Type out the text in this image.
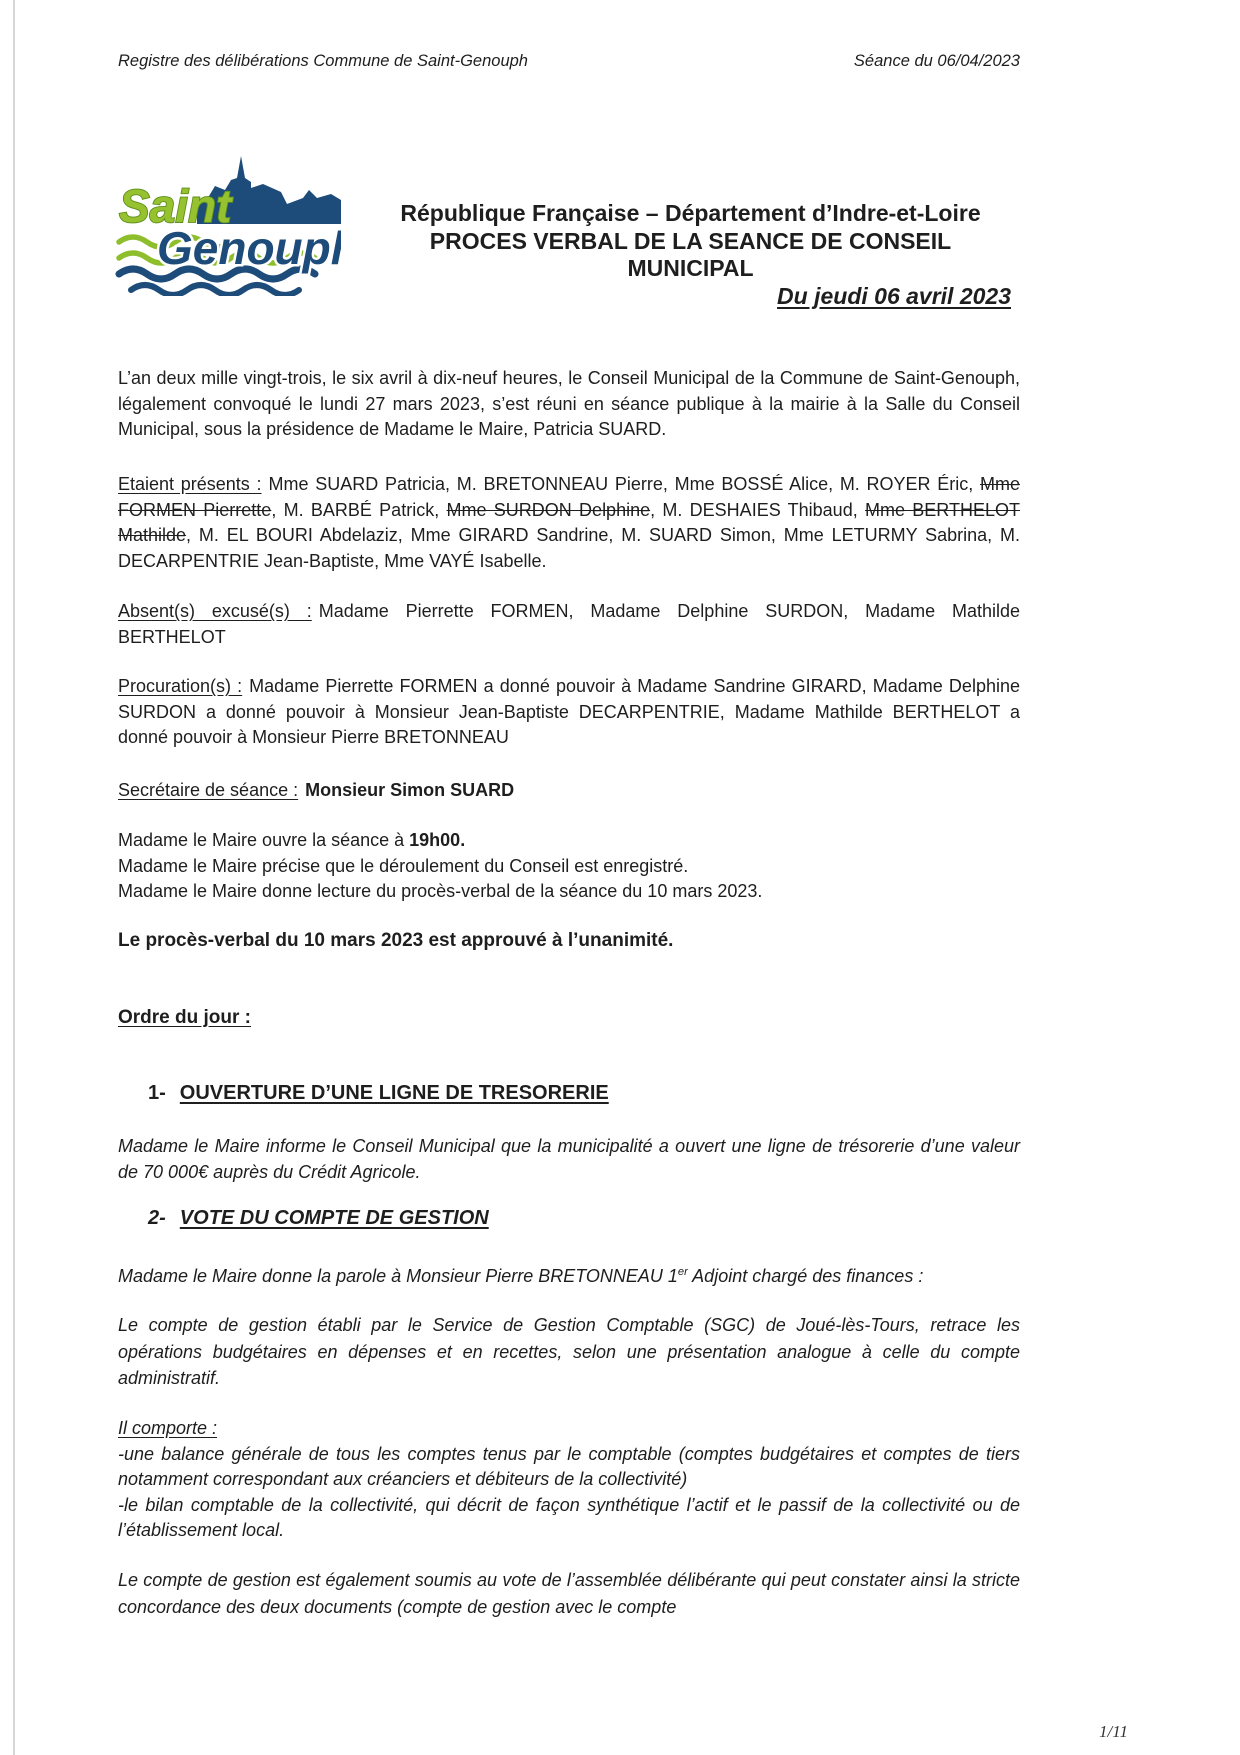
Registre des délibérations Commune de Saint-Genouph	Séance du 06/04/2023
Saint
Genouph
République Française – Département d’Indre-et-Loire
PROCES VERBAL DE LA SEANCE DE CONSEIL MUNICIPAL
Du jeudi 06 avril 2023

L’an deux mille vingt-trois, le six avril à dix-neuf heures, le Conseil Municipal de la Commune de Saint-Genouph, légalement convoqué le lundi 27 mars 2023, s’est réuni en séance publique à la mairie à la Salle du Conseil Municipal, sous la présidence de Madame le Maire, Patricia SUARD.

Etaient présents : Mme SUARD Patricia, M. BRETONNEAU Pierre, Mme BOSSÉ Alice, M. ROYER Éric, Mme FORMEN Pierrette, M. BARBÉ Patrick, Mme SURDON Delphine, M. DESHAIES Thibaud, Mme BERTHELOT Mathilde, M. EL BOURI Abdelaziz, Mme GIRARD Sandrine, M. SUARD Simon, Mme LETURMY Sabrina, M. DECARPENTRIE Jean-Baptiste, Mme VAYÉ Isabelle.

Absent(s) excusé(s) : Madame Pierrette FORMEN, Madame Delphine SURDON, Madame Mathilde BERTHELOT

Procuration(s) : Madame Pierrette FORMEN a donné pouvoir à Madame Sandrine GIRARD, Madame Delphine SURDON a donné pouvoir à Monsieur Jean-Baptiste DECARPENTRIE, Madame Mathilde BERTHELOT a donné pouvoir à Monsieur Pierre BRETONNEAU

Secrétaire de séance : Monsieur Simon SUARD

Madame le Maire ouvre la séance à 19h00.
Madame le Maire précise que le déroulement du Conseil est enregistré.
Madame le Maire donne lecture du procès-verbal de la séance du 10 mars 2023.

Le procès-verbal du 10 mars 2023 est approuvé à l’unanimité.

Ordre du jour :

1- OUVERTURE D’UNE LIGNE DE TRESORERIE

Madame le Maire informe le Conseil Municipal que la municipalité a ouvert une ligne de trésorerie d’une valeur de 70 000€ auprès du Crédit Agricole.

2- VOTE DU COMPTE DE GESTION

Madame le Maire donne la parole à Monsieur Pierre BRETONNEAU 1er Adjoint chargé des finances :

Le compte de gestion établi par le Service de Gestion Comptable (SGC) de Joué-lès-Tours, retrace les opérations budgétaires en dépenses et en recettes, selon une présentation analogue à celle du compte administratif.

Il comporte :
-une balance générale de tous les comptes tenus par le comptable (comptes budgétaires et comptes de tiers notamment correspondant aux créanciers et débiteurs de la collectivité)
-le bilan comptable de la collectivité, qui décrit de façon synthétique l’actif et le passif de la collectivité ou de l’établissement local.

Le compte de gestion est également soumis au vote de l’assemblée délibérante qui peut constater ainsi la stricte concordance des deux documents (compte de gestion avec le compte

1/11
